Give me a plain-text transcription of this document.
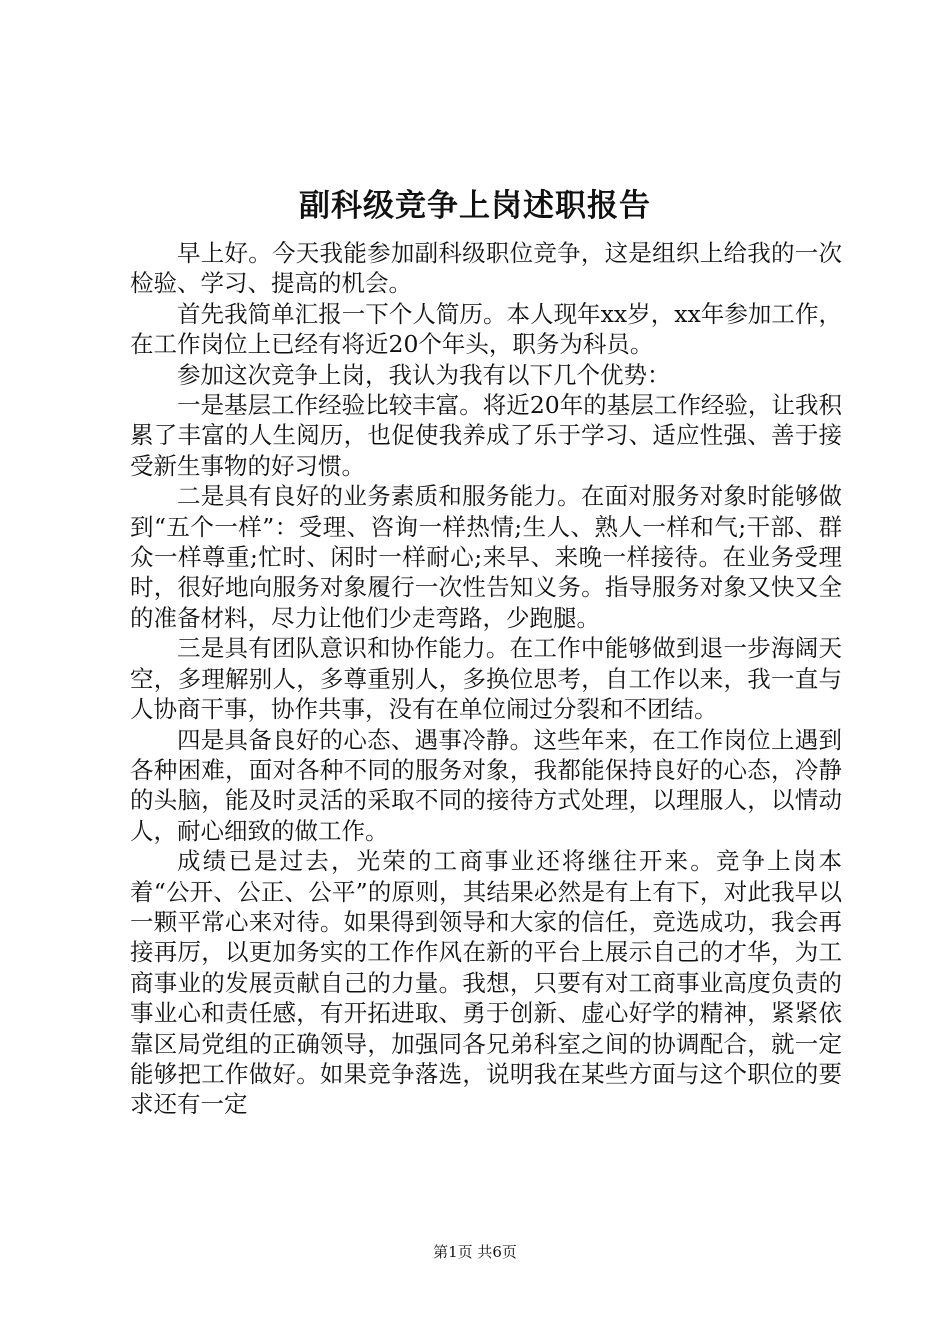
副科级竞争上岗述职报告

早上好。今天我能参加副科级职位竞争，这是组织上给我的一次检验、学习、提高的机会。

首先我简单汇报一下个人简历。本人现年xx岁，xx年参加工作，在工作岗位上已经有将近20个年头，职务为科员。

参加这次竞争上岗，我认为我有以下几个优势：

一是基层工作经验比较丰富。将近20年的基层工作经验，让我积累了丰富的人生阅历，也促使我养成了乐于学习、适应性强、善于接受新生事物的好习惯。

二是具有良好的业务素质和服务能力。在面对服务对象时能够做到“五个一样”：受理、咨询一样热情;生人、熟人一样和气;干部、群众一样尊重;忙时、闲时一样耐心;来早、来晚一样接待。在业务受理时，很好地向服务对象履行一次性告知义务。指导服务对象又快又全的准备材料，尽力让他们少走弯路，少跑腿。

三是具有团队意识和协作能力。在工作中能够做到退一步海阔天空，多理解别人，多尊重别人，多换位思考，自工作以来，我一直与人协商干事，协作共事，没有在单位闹过分裂和不团结。

四是具备良好的心态、遇事冷静。这些年来，在工作岗位上遇到各种困难，面对各种不同的服务对象，我都能保持良好的心态，冷静的头脑，能及时灵活的采取不同的接待方式处理，以理服人，以情动人，耐心细致的做工作。

成绩已是过去，光荣的工商事业还将继往开来。竞争上岗本着“公开、公正、公平”的原则，其结果必然是有上有下，对此我早以一颗平常心来对待。如果得到领导和大家的信任，竞选成功，我会再接再厉，以更加务实的工作作风在新的平台上展示自己的才华，为工商事业的发展贡献自己的力量。我想，只要有对工商事业高度负责的事业心和责任感，有开拓进取、勇于创新、虚心好学的精神，紧紧依靠区局党组的正确领导，加强同各兄弟科室之间的协调配合，就一定能够把工作做好。如果竞争落选，说明我在某些方面与这个职位的要求还有一定

第1页 共6页
